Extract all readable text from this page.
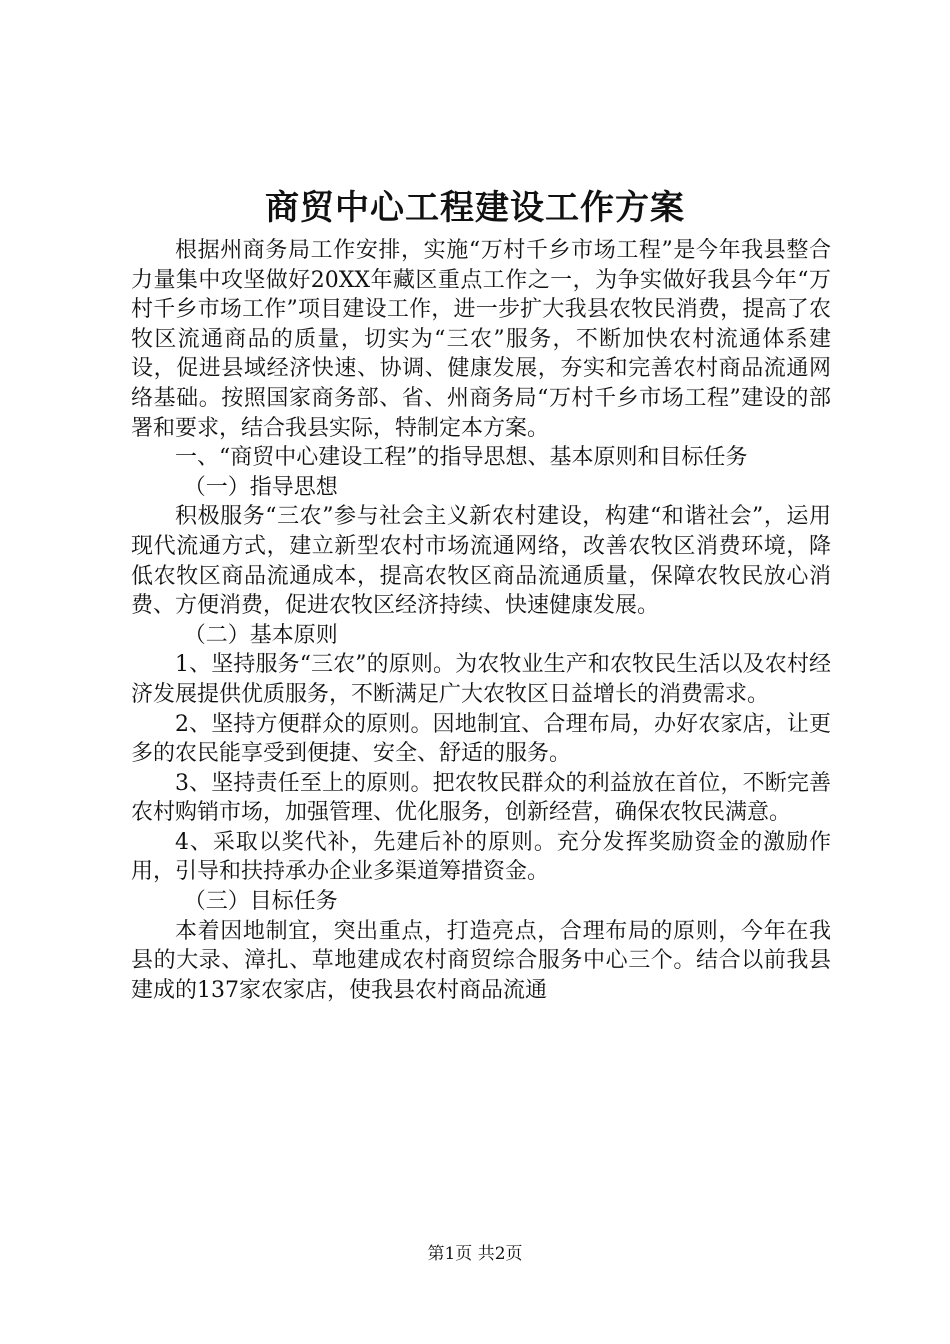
商贸中心工程建设工作方案

根据州商务局工作安排，实施“万村千乡市场工程”是今年我县整合力量集中攻坚做好20XX年藏区重点工作之一，为争实做好我县今年“万村千乡市场工作”项目建设工作，进一步扩大我县农牧民消费，提高了农牧区流通商品的质量，切实为“三农”服务，不断加快农村流通体系建设，促进县域经济快速、协调、健康发展，夯实和完善农村商品流通网络基础。按照国家商务部、省、州商务局“万村千乡市场工程”建设的部署和要求，结合我县实际，特制定本方案。

一、“商贸中心建设工程”的指导思想、基本原则和目标任务

（一）指导思想

积极服务“三农”参与社会主义新农村建设，构建“和谐社会”，运用现代流通方式，建立新型农村市场流通网络，改善农牧区消费环境，降低农牧区商品流通成本，提高农牧区商品流通质量，保障农牧民放心消费、方便消费，促进农牧区经济持续、快速健康发展。

（二）基本原则

1、坚持服务“三农”的原则。为农牧业生产和农牧民生活以及农村经济发展提供优质服务，不断满足广大农牧区日益增长的消费需求。

2、坚持方便群众的原则。因地制宜、合理布局，办好农家店，让更多的农民能享受到便捷、安全、舒适的服务。

3、坚持责任至上的原则。把农牧民群众的利益放在首位，不断完善农村购销市场，加强管理、优化服务，创新经营，确保农牧民满意。

4、采取以奖代补，先建后补的原则。充分发挥奖励资金的激励作用，引导和扶持承办企业多渠道筹措资金。

（三）目标任务

本着因地制宜，突出重点，打造亮点，合理布局的原则，今年在我县的大录、漳扎、草地建成农村商贸综合服务中心三个。结合以前我县建成的137家农家店，使我县农村商品流通

第1页 共2页
